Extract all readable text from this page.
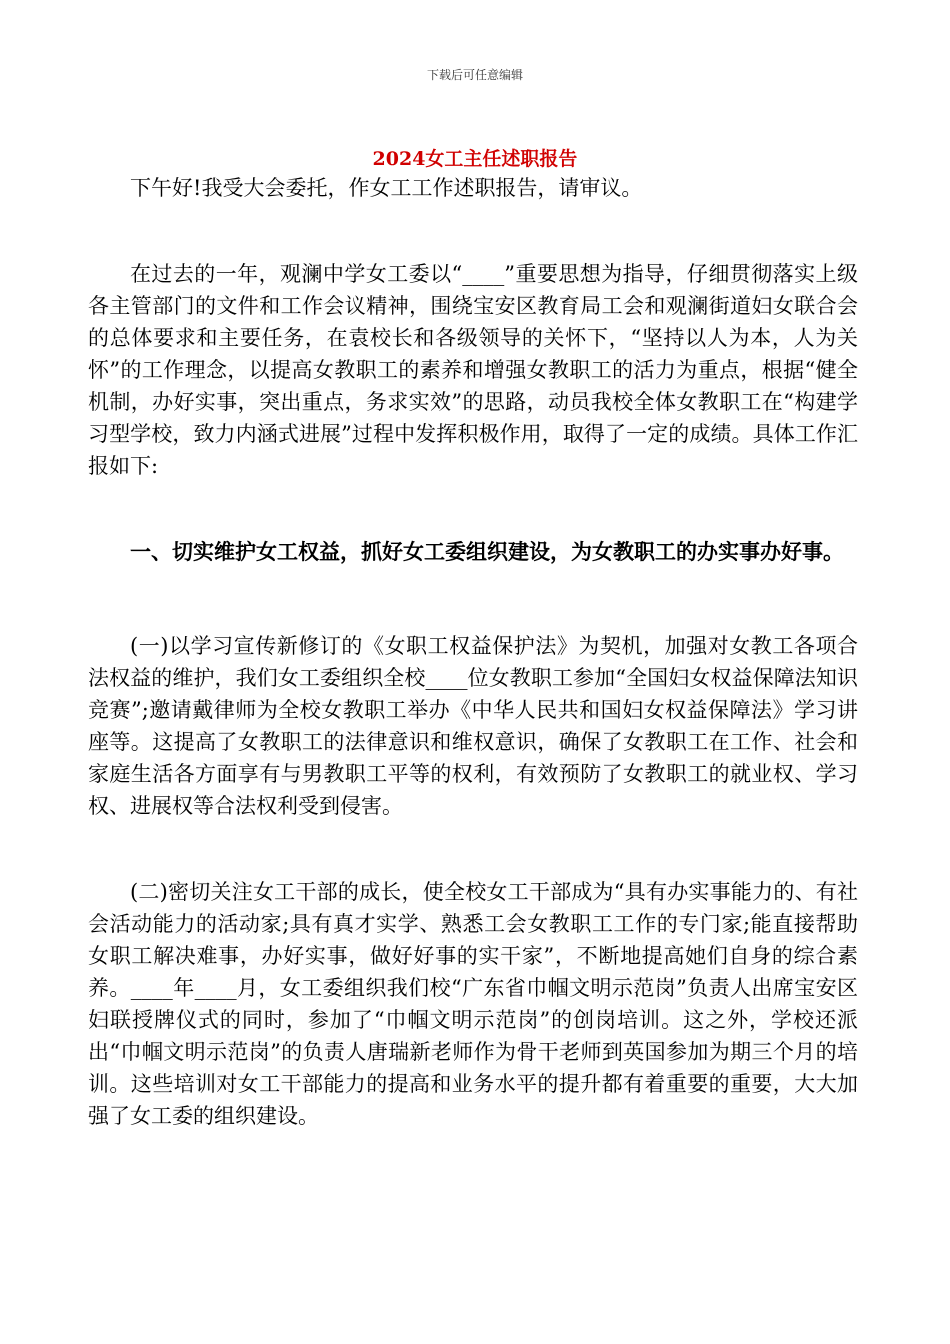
下载后可任意编辑
2024女工主任述职报告

下午好!我受大会委托，作女工工作述职报告，请审议。

在过去的一年，观澜中学女工委以“____”重要思想为指导，仔细贯彻落实上级各主管部门的文件和工作会议精神，围绕宝安区教育局工会和观澜街道妇女联合会的总体要求和主要任务，在袁校长和各级领导的关怀下，“坚持以人为本，人为关怀”的工作理念，以提高女教职工的素养和增强女教职工的活力为重点，根据“健全机制，办好实事，突出重点，务求实效”的思路，动员我校全体女教职工在“构建学习型学校，致力内涵式进展”过程中发挥积极作用，取得了一定的成绩。具体工作汇报如下:

一、切实维护女工权益，抓好女工委组织建设，为女教职工的办实事办好事。

(一)以学习宣传新修订的《女职工权益保护法》为契机，加强对女教工各项合法权益的维护，我们女工委组织全校____位女教职工参加“全国妇女权益保障法知识竞赛”;邀请戴律师为全校女教职工举办《中华人民共和国妇女权益保障法》学习讲座等。这提高了女教职工的法律意识和维权意识，确保了女教职工在工作、社会和家庭生活各方面享有与男教职工平等的权利，有效预防了女教职工的就业权、学习权、进展权等合法权利受到侵害。

(二)密切关注女工干部的成长，使全校女工干部成为“具有办实事能力的、有社会活动能力的活动家;具有真才实学、熟悉工会女教职工工作的专门家;能直接帮助女职工解决难事，办好实事，做好好事的实干家”，不断地提高她们自身的综合素养。____年____月，女工委组织我们校“广东省巾帼文明示范岗”负责人出席宝安区妇联授牌仪式的同时，参加了“巾帼文明示范岗”的创岗培训。这之外，学校还派出“巾帼文明示范岗”的负责人唐瑞新老师作为骨干老师到英国参加为期三个月的培训。这些培训对女工干部能力的提高和业务水平的提升都有着重要的重要，大大加强了女工委的组织建设。
